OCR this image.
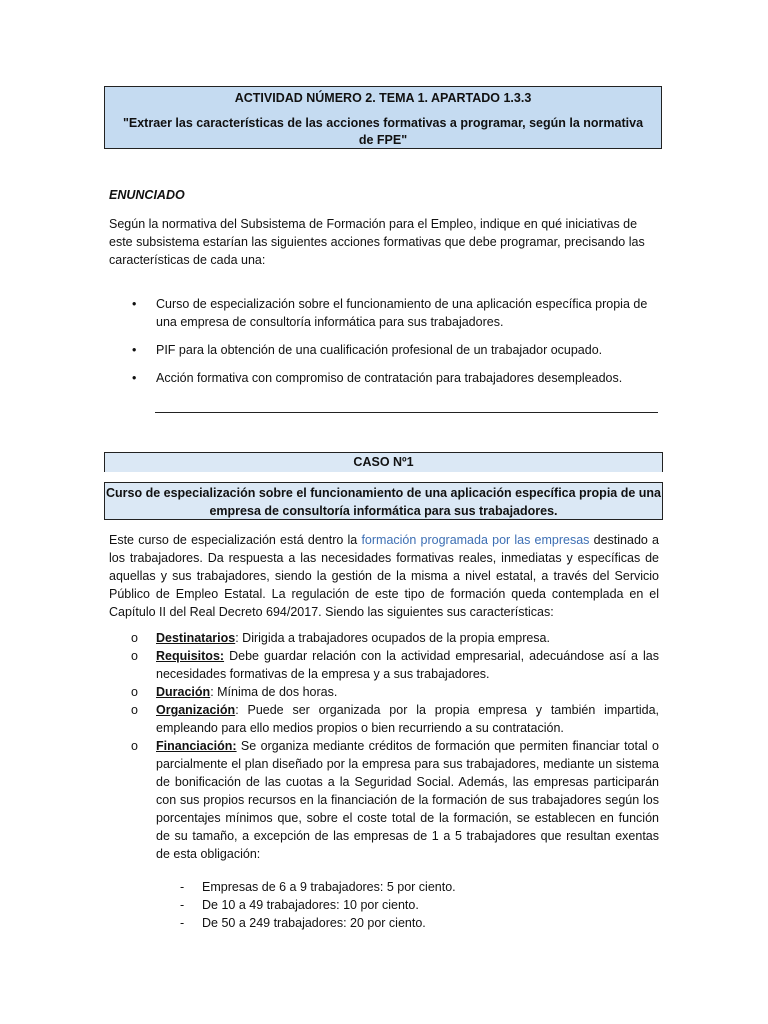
ACTIVIDAD NÚMERO 2. TEMA 1. APARTADO 1.3.3
"Extraer las características de las acciones formativas a programar, según la normativa de FPE"
ENUNCIADO
Según la normativa del Subsistema de Formación para el Empleo, indique en qué iniciativas de este subsistema estarían las siguientes acciones formativas que debe programar, precisando las características de cada una:
• Curso de especialización sobre el funcionamiento de una aplicación específica propia de una empresa de consultoría informática para sus trabajadores.
• PIF para la obtención de una cualificación profesional de un trabajador ocupado.
• Acción formativa con compromiso de contratación para trabajadores desempleados.
CASO Nº1
Curso de especialización sobre el funcionamiento de una aplicación específica propia de una empresa de consultoría informática para sus trabajadores.
Este curso de especialización está dentro la formación programada por las empresas destinado a los trabajadores. Da respuesta a las necesidades formativas reales, inmediatas y específicas de aquellas y sus trabajadores, siendo la gestión de la misma a nivel estatal, a través del Servicio Público de Empleo Estatal. La regulación de este tipo de formación queda contemplada en el Capítulo II del Real Decreto 694/2017. Siendo las siguientes sus características:
o Destinatarios: Dirigida a trabajadores ocupados de la propia empresa.
o Requisitos: Debe guardar relación con la actividad empresarial, adecuándose así a las necesidades formativas de la empresa y a sus trabajadores.
o Duración: Mínima de dos horas.
o Organización: Puede ser organizada por la propia empresa y también impartida, empleando para ello medios propios o bien recurriendo a su contratación.
o Financiación: Se organiza mediante créditos de formación que permiten financiar total o parcialmente el plan diseñado por la empresa para sus trabajadores, mediante un sistema de bonificación de las cuotas a la Seguridad Social. Además, las empresas participarán con sus propios recursos en la financiación de la formación de sus trabajadores según los porcentajes mínimos que, sobre el coste total de la formación, se establecen en función de su tamaño, a excepción de las empresas de 1 a 5 trabajadores que resultan exentas de esta obligación:
- Empresas de 6 a 9 trabajadores: 5 por ciento.
- De 10 a 49 trabajadores: 10 por ciento.
- De 50 a 249 trabajadores: 20 por ciento.
